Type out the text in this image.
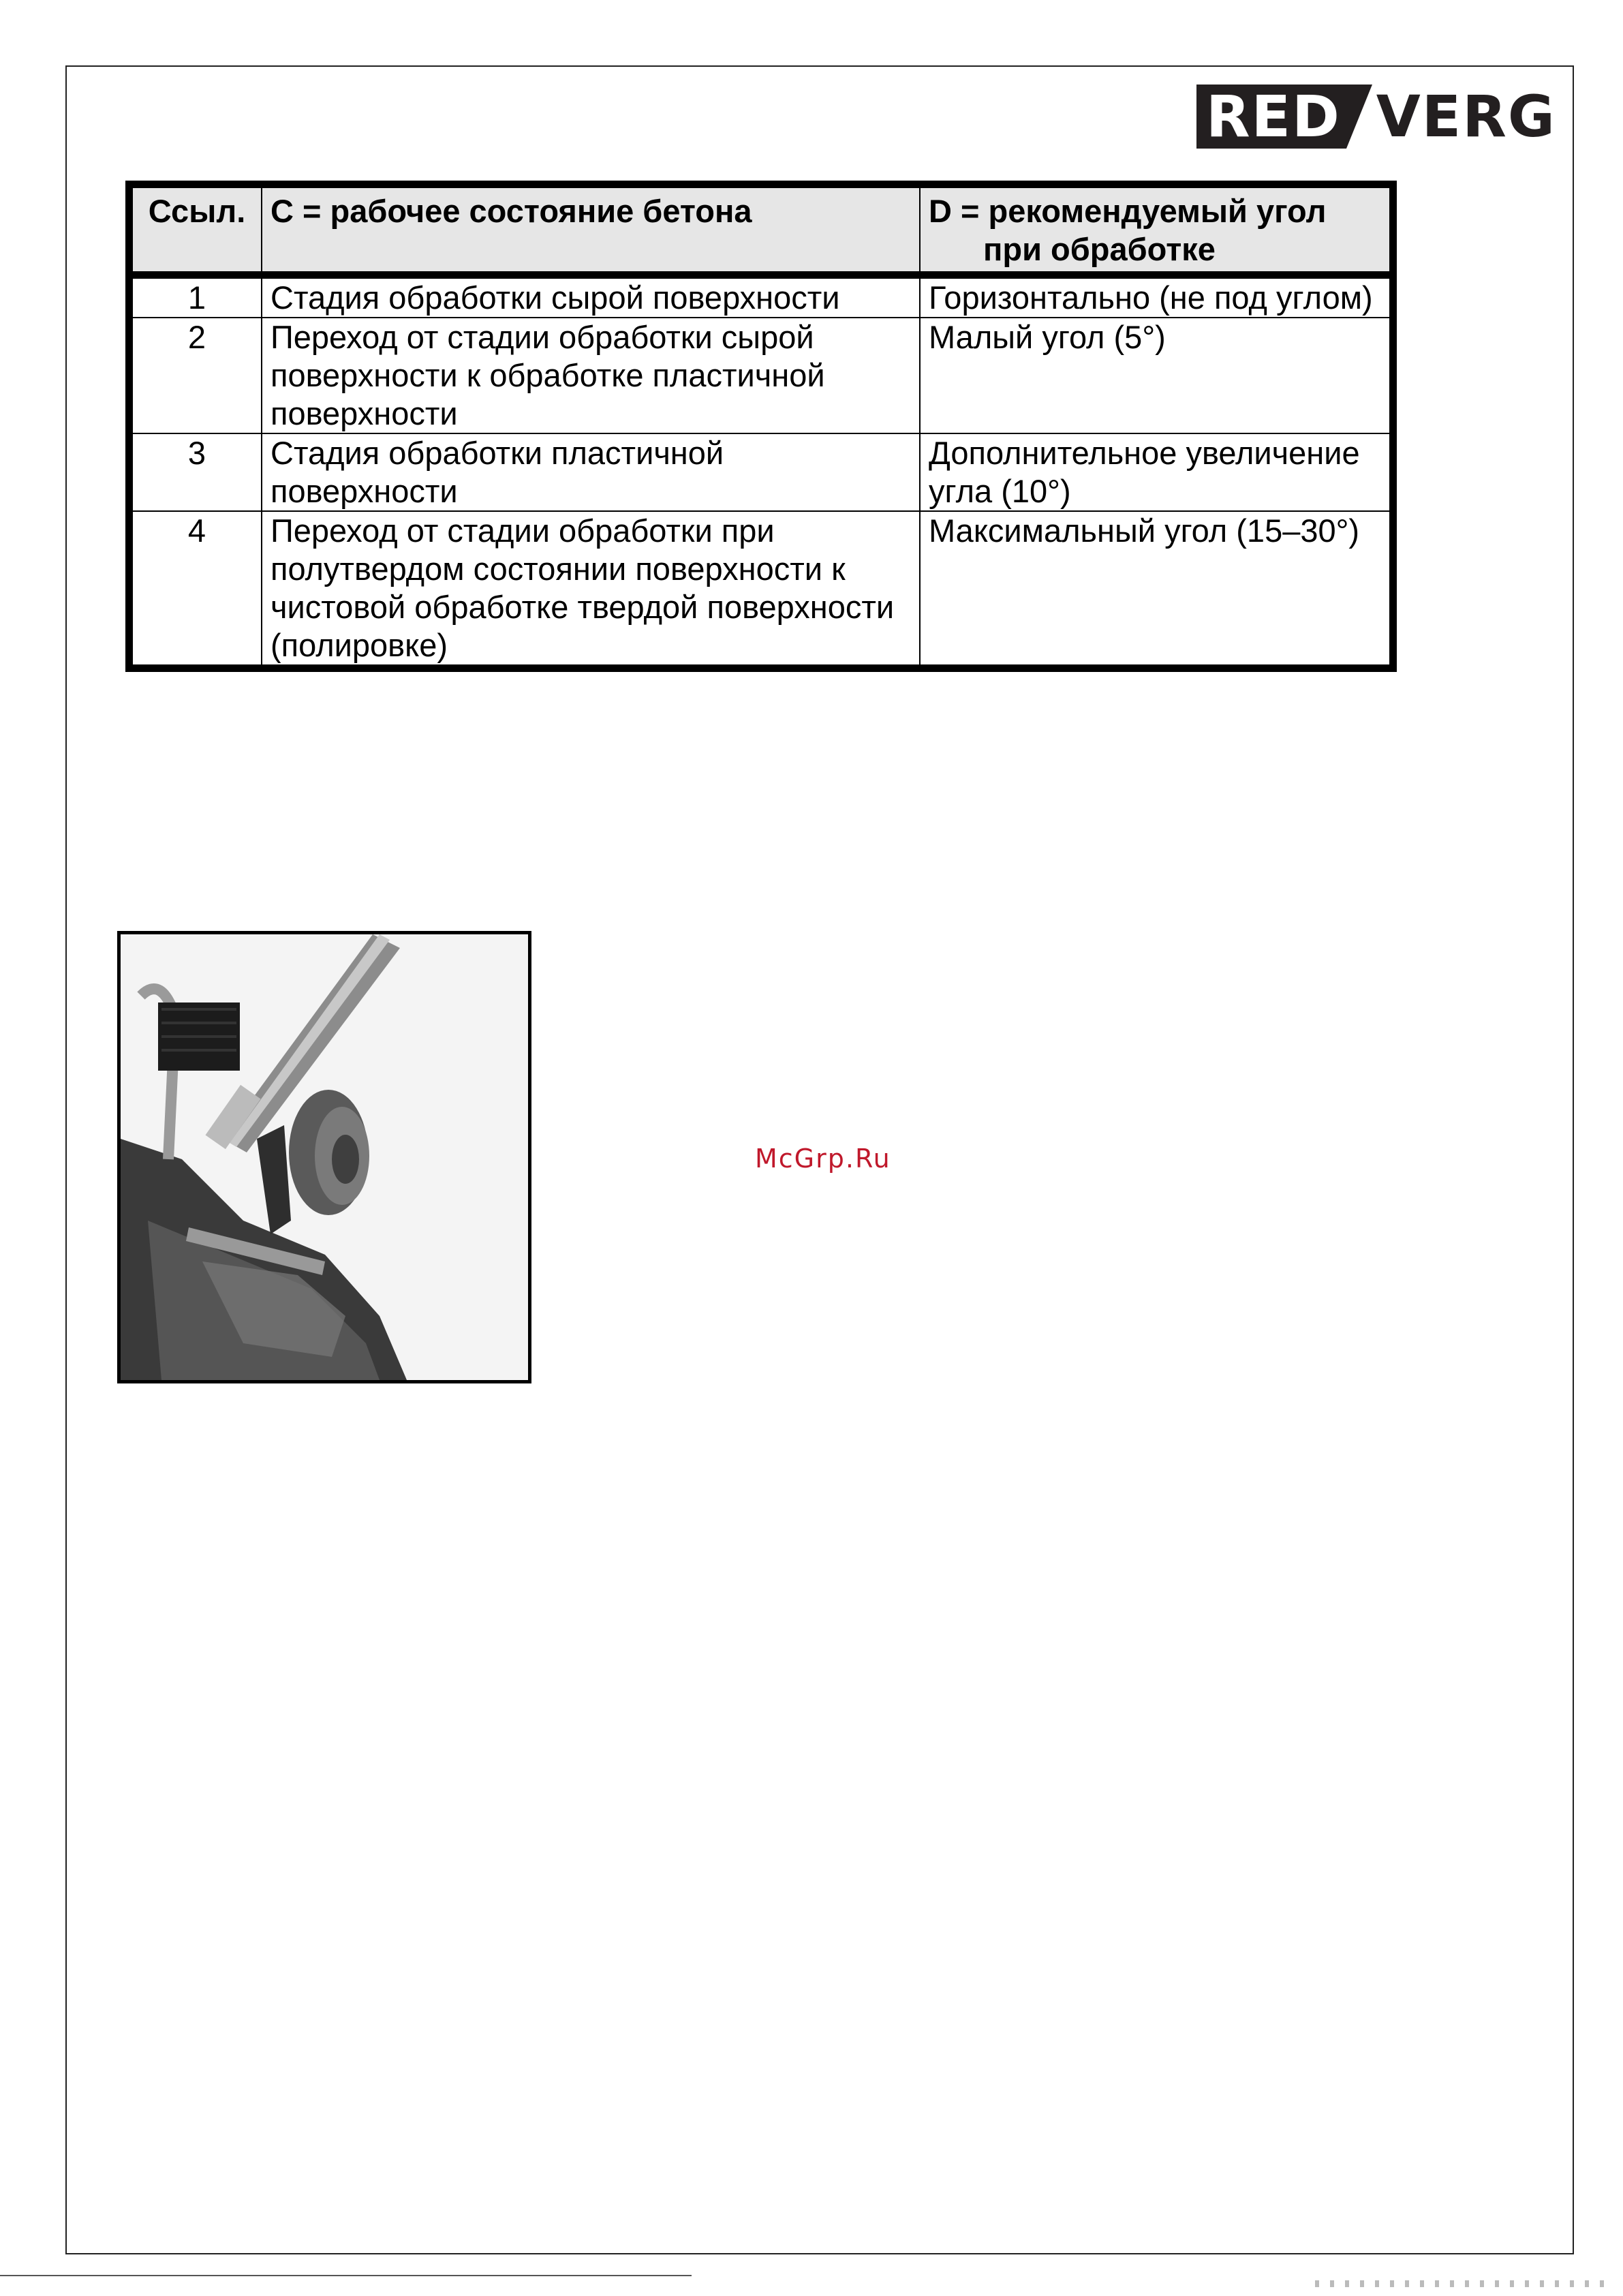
RED VERG
Ссыл.	С = рабочее состояние бетона	D = рекомендуемый угол
при обработке

1	Стадия обработки сырой поверхности	Горизонтально (не под углом)
2	Переход от стадии обработки сырой поверхности к обработке пластичной поверхности	Малый угол (5°)
3	Стадия обработки пластичной поверхности	Дополнительное увеличение угла (10°)
4	Переход от стадии обработки при полутвердом состоянии поверхности к чистовой обработке твердой поверхности (полировке)	Максимальный угол (15–30°)
McGrp.Ru
